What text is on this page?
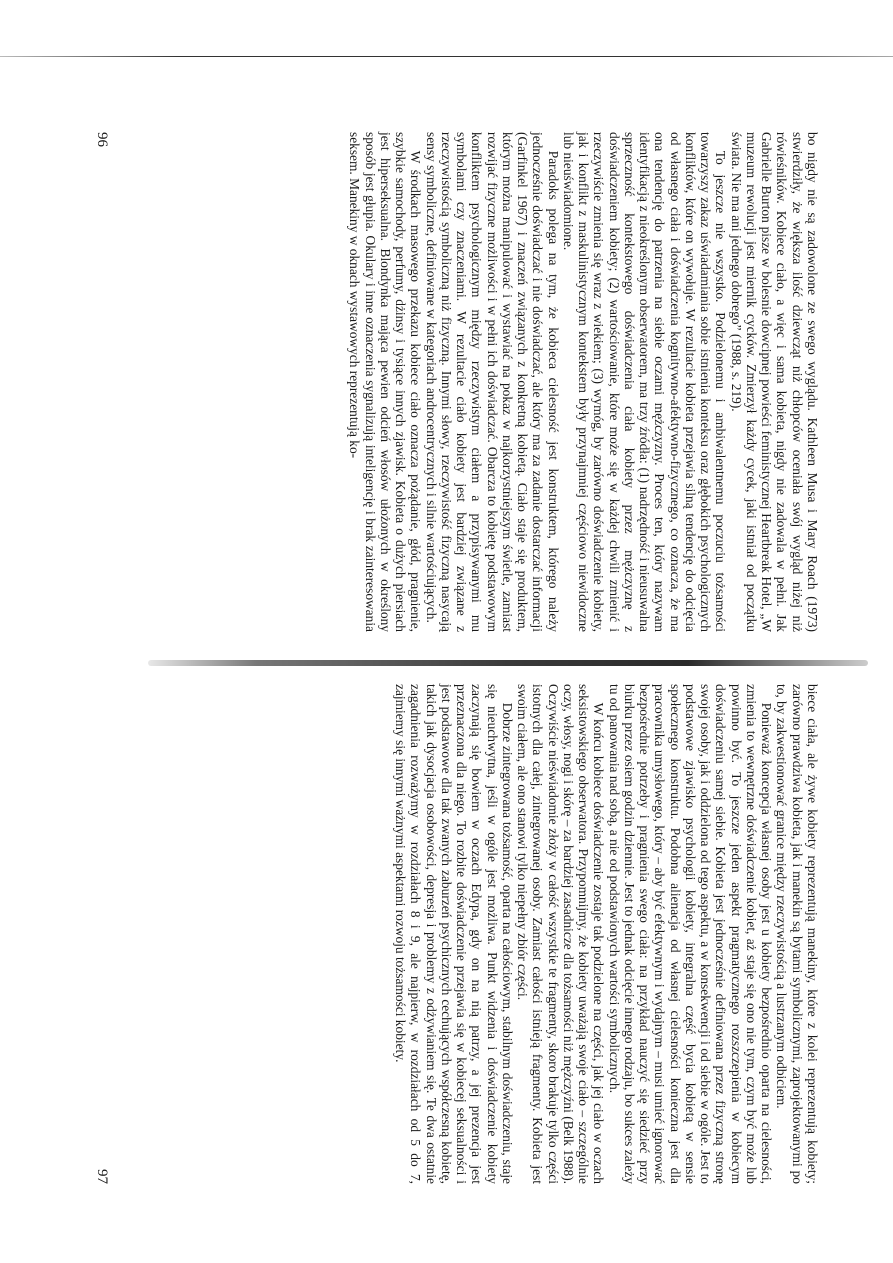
bo nigdy nie są zadowolone ze swego wyglądu. Kathleen Musa i Mary Roach (1973) stwierdziły, że większa ilość dziewcząt niż chłopców oceniała swój wygląd niżej niż rówieśników. Kobiece ciało, a więc i sama kobieta, nigdy nie zadowala w pełni. Jak Gabrielle Burton pisze w bolesnie dowcipnej powieści feministycznej Heartbreak Hotel, „W muzeum rewolucji jest miernik cycków. Zmierzył każdy cycek, jaki istniał od początku świata. Nie ma ani jednego dobrego” (1988, s. 219).

To jeszcze nie wszystko. Podzielonemu i ambiwalentnemu poczuciu tożsamości towarzyszy zakaz uświadamiania sobie istnienia konteksu oraz głębokich psychologicznych konfliktów, które on wywołuje. W rezultacie kobieta przejawia silną tendencję do odcięcia od własnego ciała i doświadczenia kognitywno-afektywno-fizycznego, co oznacza, że ma ona tendencję do patrzenia na siebie oczami mężczyzny. Proces ten, który nazywam identyfikacją z nieokreślonym obserwatorem, ma trzy źródła: (1) nadrzędność i nieusuwalna sprzeczność kontekstowego doświadczenia ciała kobiety przez mężczyznę z doświadczeniem kobiety; (2) wartościowanie, które może się w każdej chwili zmienić i rzeczywiście zmienia się wraz z wiekiem; (3) wymóg, by zarówno doświadczenie kobiety, jak i konflikt z maskulinistycznym kontekstem były przynajmniej częściowo niewidoczne lub nieuświadomione.

Paradoks polega na tym, że kobieca cielesność jest konstruktem, którego należy jednocześnie doświadczać i nie doświadczać, ale który ma za zadanie dostarczać informacji (Garfinkel 1967) i znaczeń związanych z konkretną kobietą. Ciało staje się produktem, którym można manipulować i wystawiać na pokaz w najkorzystniejszym świetle, zamiast rozwijać fizyczne możliwości i w pełni ich doświadczać. Obarcza to kobietę podstawowym konfliktem psychologicznym między rzeczywistym ciałem a przypisywanymi mu symbolami czy znaczeniami. W rezultacie ciało kobiety jest bardziej związane z rzeczywistością symboliczną niż fizyczną. Innymi słowy, rzeczywistość fizyczną nasycają sensy symboliczne, definiowane w kategoriach androcentrycznych i silnie wartościujących.

W środkach masowego przekazu kobiece ciało oznacza pożądanie, głód, pragnienie, szybkie samochody, perfumy, dżinsy i tysiące innych zjawisk. Kobieta o dużych piersiach jest hiperseksualna. Blondynka mająca pewien odcień włosów ułożonych w określony sposób jest głupia. Okulary i inne oznaczenia sygnalizują inteligencję i brak zainteresowania seksem. Manekiny w oknach wystawowych reprezentują ko-

biece ciała, ale żywe kobiety reprezentują manekiny, które z kolei reprezentują kobiety; zarówno prawdziwa kobieta, jak i manekin są bytami symbolicznymi, zaprojektowanymi po to, by zakwestionować granice między rzeczywistością a lustrzanym odbiciem.

Ponieważ koncepcja własnej osoby jest u kobiety bezpośrednio oparta na cielesności, zmienia to wewnętrzne doświadczenie kobiet, aż staje się ono nie tym, czym być może lub powinno być. To jeszcze jeden aspekt pragmatycznego rozszczepienia w kobiecym doświadczeniu samej siebie. Kobieta jest jednocześnie definiowana przez fizyczną stronę swojej osoby, jak i oddzielona od tego aspektu, a w konsekwencji i od siebie w ogóle. Jest to podstawowe zjawisko psychologii kobiety, integralna część bycia kobietą w sensie społecznego konstruktu. Podobna alienacja od własnej cielesności konieczna jest dla pracownika umysłowego, który – aby być efektywnym i wydajnym – musi umieć ignorować bezpośrednie potrzeby i pragnienia swego ciała: na przykład nauczyć się siedzieć przy biurku przez osiem godzin dziennie. Jest to jednak odcięcie innego rodzaju, bo sukces zależy tu od panowania nad sobą, a nie od podstawionych wartości symbolicznych.

W końcu kobiece doświadczenie zostaje tak podzielone na części, jak jej ciało w oczach seksistowskiego obserwatora. Przypomnijmy, że kobiety uważają swoje ciało – szczególnie oczy, włosy, nogi i skórę – za bardziej zasadnicze dla tożsamości niż mężczyźni (Belk 1988). Oczywiście nieświadomie złoży w całość wszystkie te fragmenty, skoro brakuje tylko części istotnych dla całej, zintegrowanej osoby. Zamiast całości istnieją fragmenty. Kobieta jest swoim ciałem, ale ono stanowi tylko niepełny zbiór części.

Dobrze zintegrowana tożsamość, oparta na całościowym, stabilnym doświadczeniu, staje się nieuchwytna, jeśli w ogóle jest możliwa. Punkt widzenia i doświadczenie kobiety zaczynają się bowiem w oczach Edypa, gdy on na nią patrzy, a jej prezencja jest przeznaczona dla niego. To rozbite doświadczenie przejawia się w kobiecej seksualności i jest podstawowe dla tak zwanych zaburzeń psychicznych cechujących współczesną kobietę, takich jak dysocjacja osobowości, depresja i problemy z odżywianiem się. Te dwa ostatnie zagadnienia rozważymy w rozdziałach 8 i 9, ale najpierw, w rozdziałach od 5 do 7, zajmiemy się innymi ważnymi aspektami rozwoju tożsamości kobiety.

96
97
